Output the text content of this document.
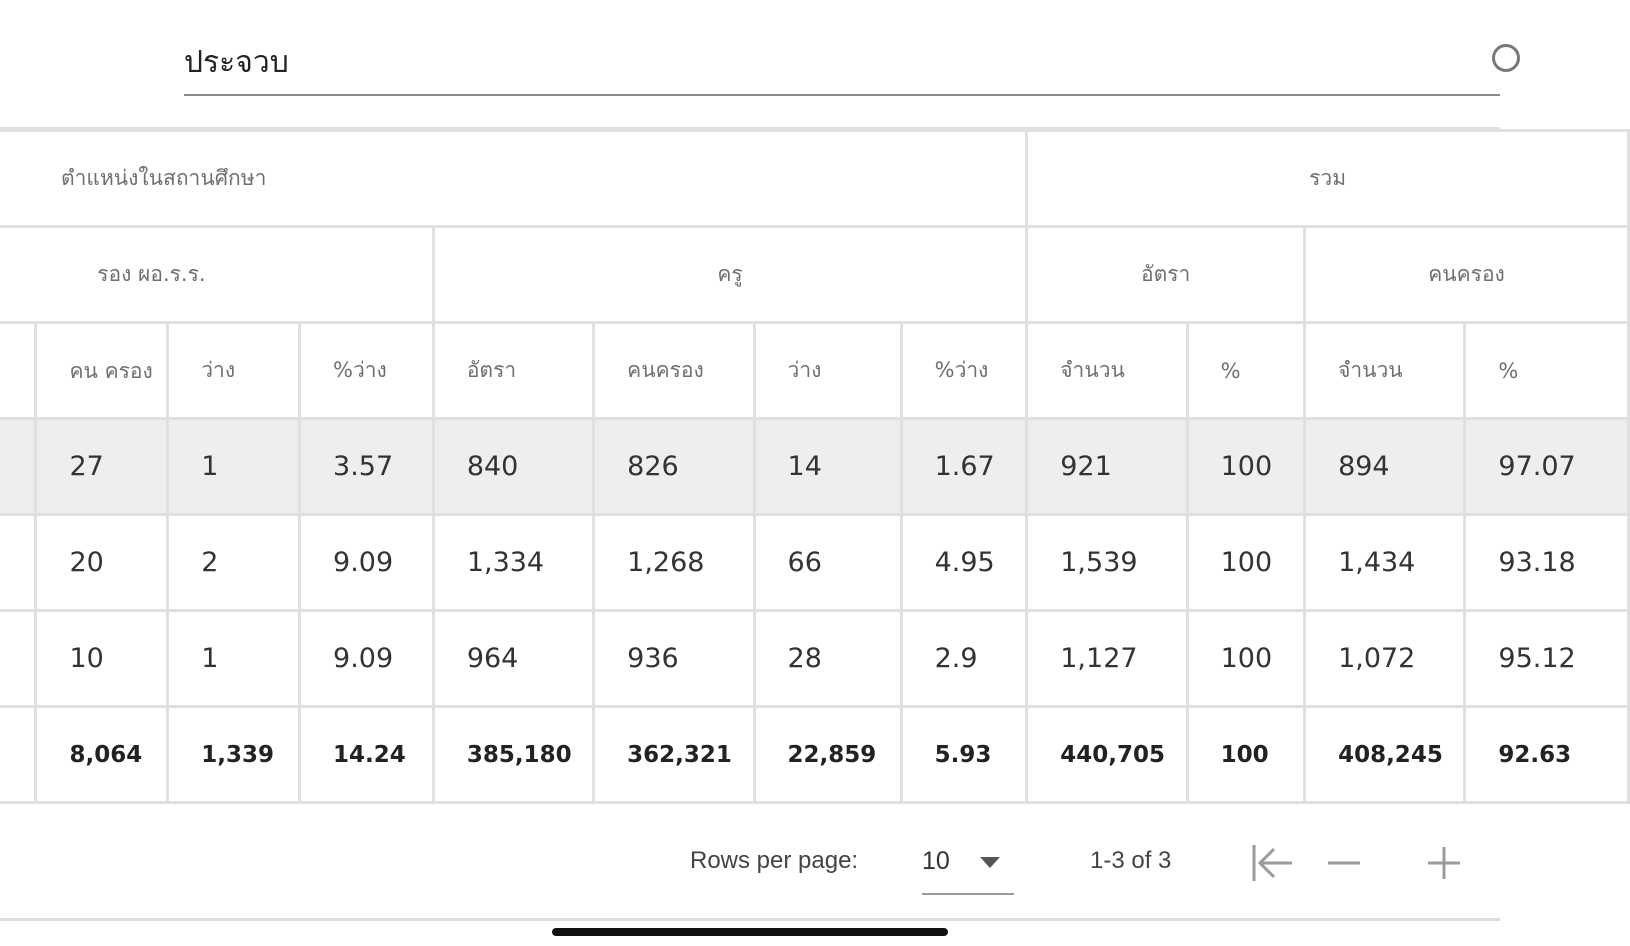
ประจวบ
ตำแหน่งในสถานศึกษา								รวม			
รอง ผอ.ร.ร.				ครู				อัตรา		คนครอง	
	คน ครอง	ว่าง	%ว่าง	อัตรา	คนครอง	ว่าง	%ว่าง	จำนวน	%	จำนวน	%
	27	1	3.57	840	826	14	1.67	921	100	894	97.07
	20	2	9.09	1,334	1,268	66	4.95	1,539	100	1,434	93.18
	10	1	9.09	964	936	28	2.9	1,127	100	1,072	95.12
	8,064	1,339	14.24	385,180	362,321	22,859	5.93	440,705	100	408,245	92.63
Rows per page:	10	1-3 of 3
